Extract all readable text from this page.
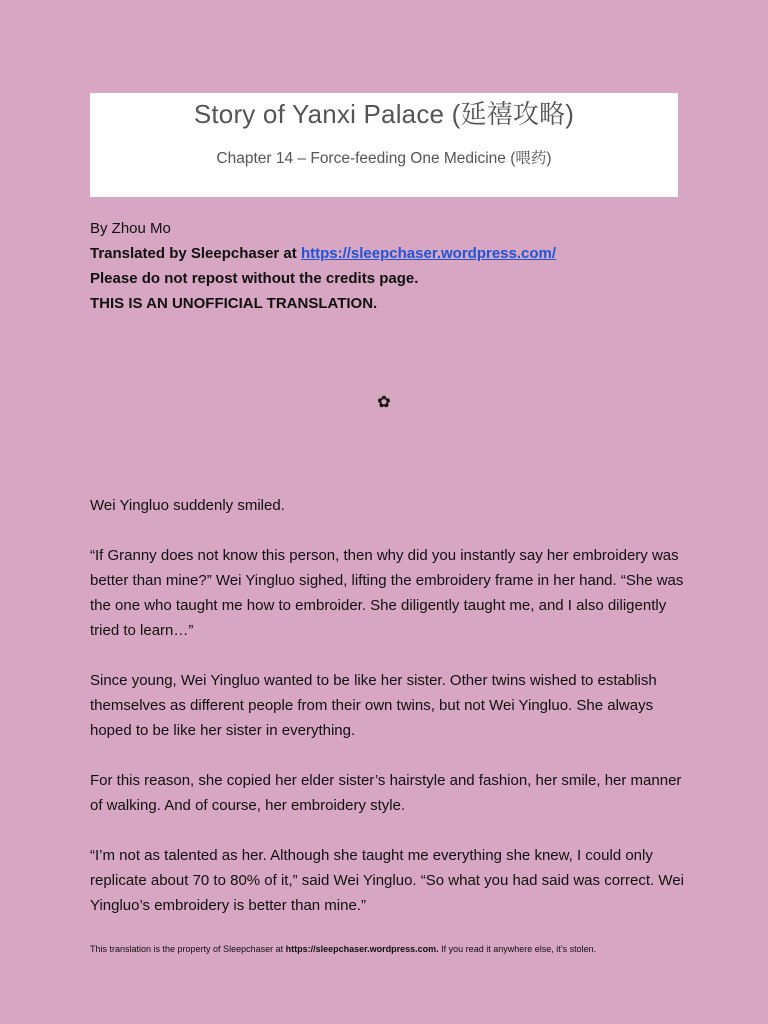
Story of Yanxi Palace (延禧攻略)
Chapter 14 – Force-feeding One Medicine (喂药)
By Zhou Mo
Translated by Sleepchaser at https://sleepchaser.wordpress.com/
Please do not repost without the credits page.
THIS IS AN UNOFFICIAL TRANSLATION.
✿

Wei Yingluo suddenly smiled.

“If Granny does not know this person, then why did you instantly say her embroidery was better than mine?” Wei Yingluo sighed, lifting the embroidery frame in her hand. “She was the one who taught me how to embroider. She diligently taught me, and I also diligently tried to learn…”

Since young, Wei Yingluo wanted to be like her sister. Other twins wished to establish themselves as different people from their own twins, but not Wei Yingluo. She always hoped to be like her sister in everything.

For this reason, she copied her elder sister’s hairstyle and fashion, her smile, her manner of walking. And of course, her embroidery style.

“I’m not as talented as her. Although she taught me everything she knew, I could only replicate about 70 to 80% of it,” said Wei Yingluo. “So what you had said was correct. Wei Yingluo’s embroidery is better than mine.”

This translation is the property of Sleepchaser at https://sleepchaser.wordpress.com. If you read it anywhere else, it’s stolen.
